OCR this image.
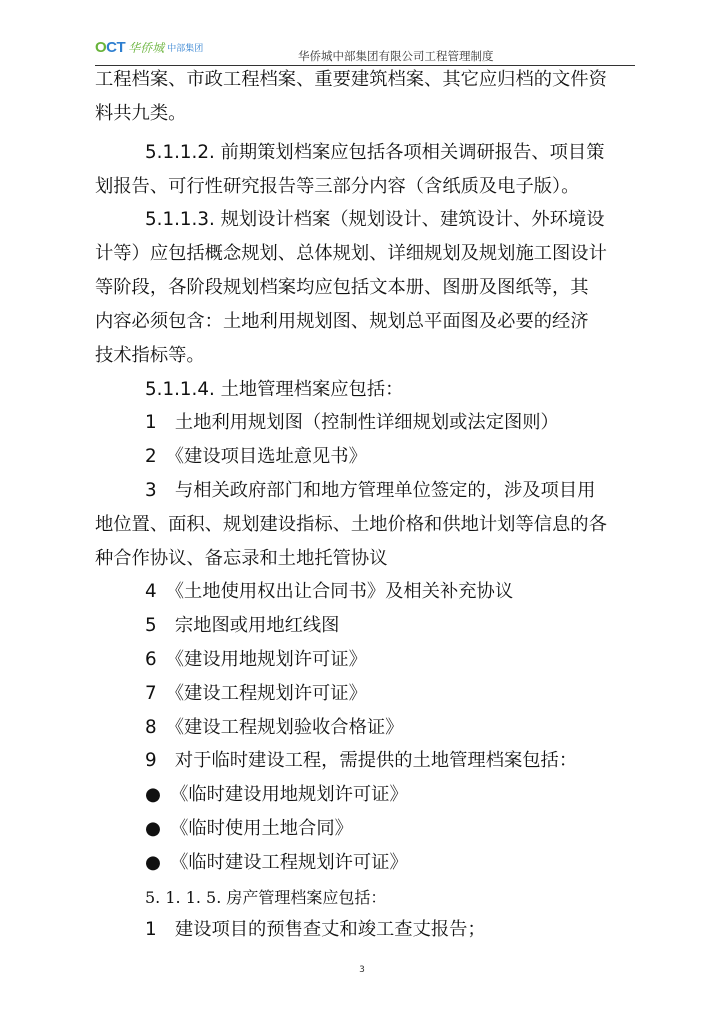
OCT 华侨城 中部集团
华侨城中部集团有限公司工程管理制度
工程档案、市政工程档案、重要建筑档案、其它应归档的文件资
料共九类。
5.1.1.2. 前期策划档案应包括各项相关调研报告、项目策
划报告、可行性研究报告等三部分内容（含纸质及电子版）。
5.1.1.3. 规划设计档案（规划设计、建筑设计、外环境设
计等）应包括概念规划、总体规划、详细规划及规划施工图设计
等阶段，各阶段规划档案均应包括文本册、图册及图纸等，其
内容必须包含：土地利用规划图、规划总平面图及必要的经济
技术指标等。
5.1.1.4. 土地管理档案应包括：
1　土地利用规划图（控制性详细规划或法定图则）
2　《建设项目选址意见书》
3　与相关政府部门和地方管理单位签定的，涉及项目用
地位置、面积、规划建设指标、土地价格和供地计划等信息的各
种合作协议、备忘录和土地托管协议
4　《土地使用权出让合同书》及相关补充协议
5　宗地图或用地红线图
6　《建设用地规划许可证》
7　《建设工程规划许可证》
8　《建设工程规划验收合格证》
9　对于临时建设工程，需提供的土地管理档案包括：
●　《临时建设用地规划许可证》
●　《临时使用土地合同》
●　《临时建设工程规划许可证》
5. 1. 1. 5. 房产管理档案应包括：
1　建设项目的预售查丈和竣工查丈报告；
3
